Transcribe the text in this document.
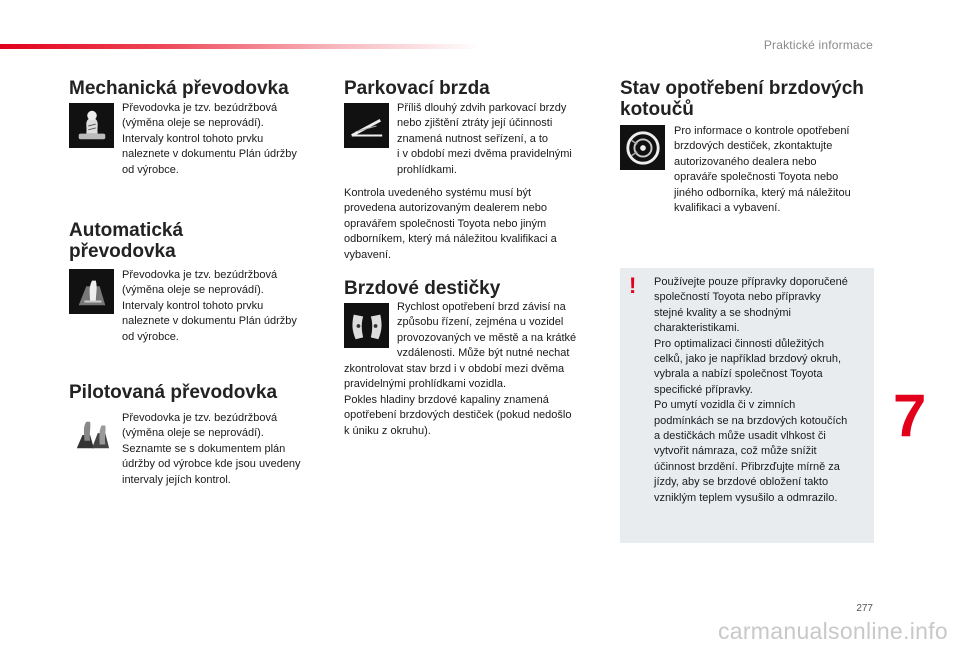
Praktické informace
Mechanická převodovka

Převodovka je tzv. bezúdržbová
(výměna oleje se neprovádí).
Intervaly kontrol tohoto prvku
naleznete v dokumentu Plán údržby
od výrobce.

Automatická
převodovka

Převodovka je tzv. bezúdržbová
(výměna oleje se neprovádí).
Intervaly kontrol tohoto prvku
naleznete v dokumentu Plán údržby
od výrobce.

Pilotovaná převodovka

Převodovka je tzv. bezúdržbová
(výměna oleje se neprovádí).
Seznamte se s dokumentem plán
údržby od výrobce kde jsou uvedeny
intervaly jejích kontrol.

Parkovací brzda

Příliš dlouhý zdvih parkovací brzdy
nebo zjištění ztráty její účinnosti
znamená nutnost seřízení, a to
i v období mezi dvěma pravidelnými
prohlídkami.

Kontrola uvedeného systému musí být
provedena autorizovaným dealerem nebo
opravářem společnosti Toyota nebo jiným
odborníkem, který má náležitou kvalifikaci a
vybavení.

Brzdové destičky

Rychlost opotřebení brzd závisí na
způsobu řízení, zejména u vozidel
provozovaných ve městě a na krátké
vzdálenosti. Může být nutné nechat

zkontrolovat stav brzd i v období mezi dvěma
pravidelnými prohlídkami vozidla.
Pokles hladiny brzdové kapaliny znamená
opotřebení brzdových destiček (pokud nedošlo
k úniku z okruhu).

Stav opotřebení brzdových
kotoučů

Pro informace o kontrole opotřebení
brzdových destiček, zkontaktujte
autorizovaného dealera nebo
opraváře společnosti Toyota nebo
jiného odborníka, který má náležitou
kvalifikaci a vybavení.

! Používejte pouze přípravky doporučené
společností Toyota nebo přípravky
stejné kvality a se shodnými
charakteristikami.
Pro optimalizaci činnosti důležitých
celků, jako je například brzdový okruh,
vybrala a nabízí společnost Toyota
specifické přípravky.
Po umytí vozidla či v zimních
podmínkách se na brzdových kotoučích
a destičkách může usadit vlhkost či
vytvořit námraza, což může snížit
účinnost brzdění. Přibrzďujte mírně za
jízdy, aby se brzdové obložení takto
vzniklým teplem vysušilo a odmrazilo.

7
277
carmanualsonline.info
